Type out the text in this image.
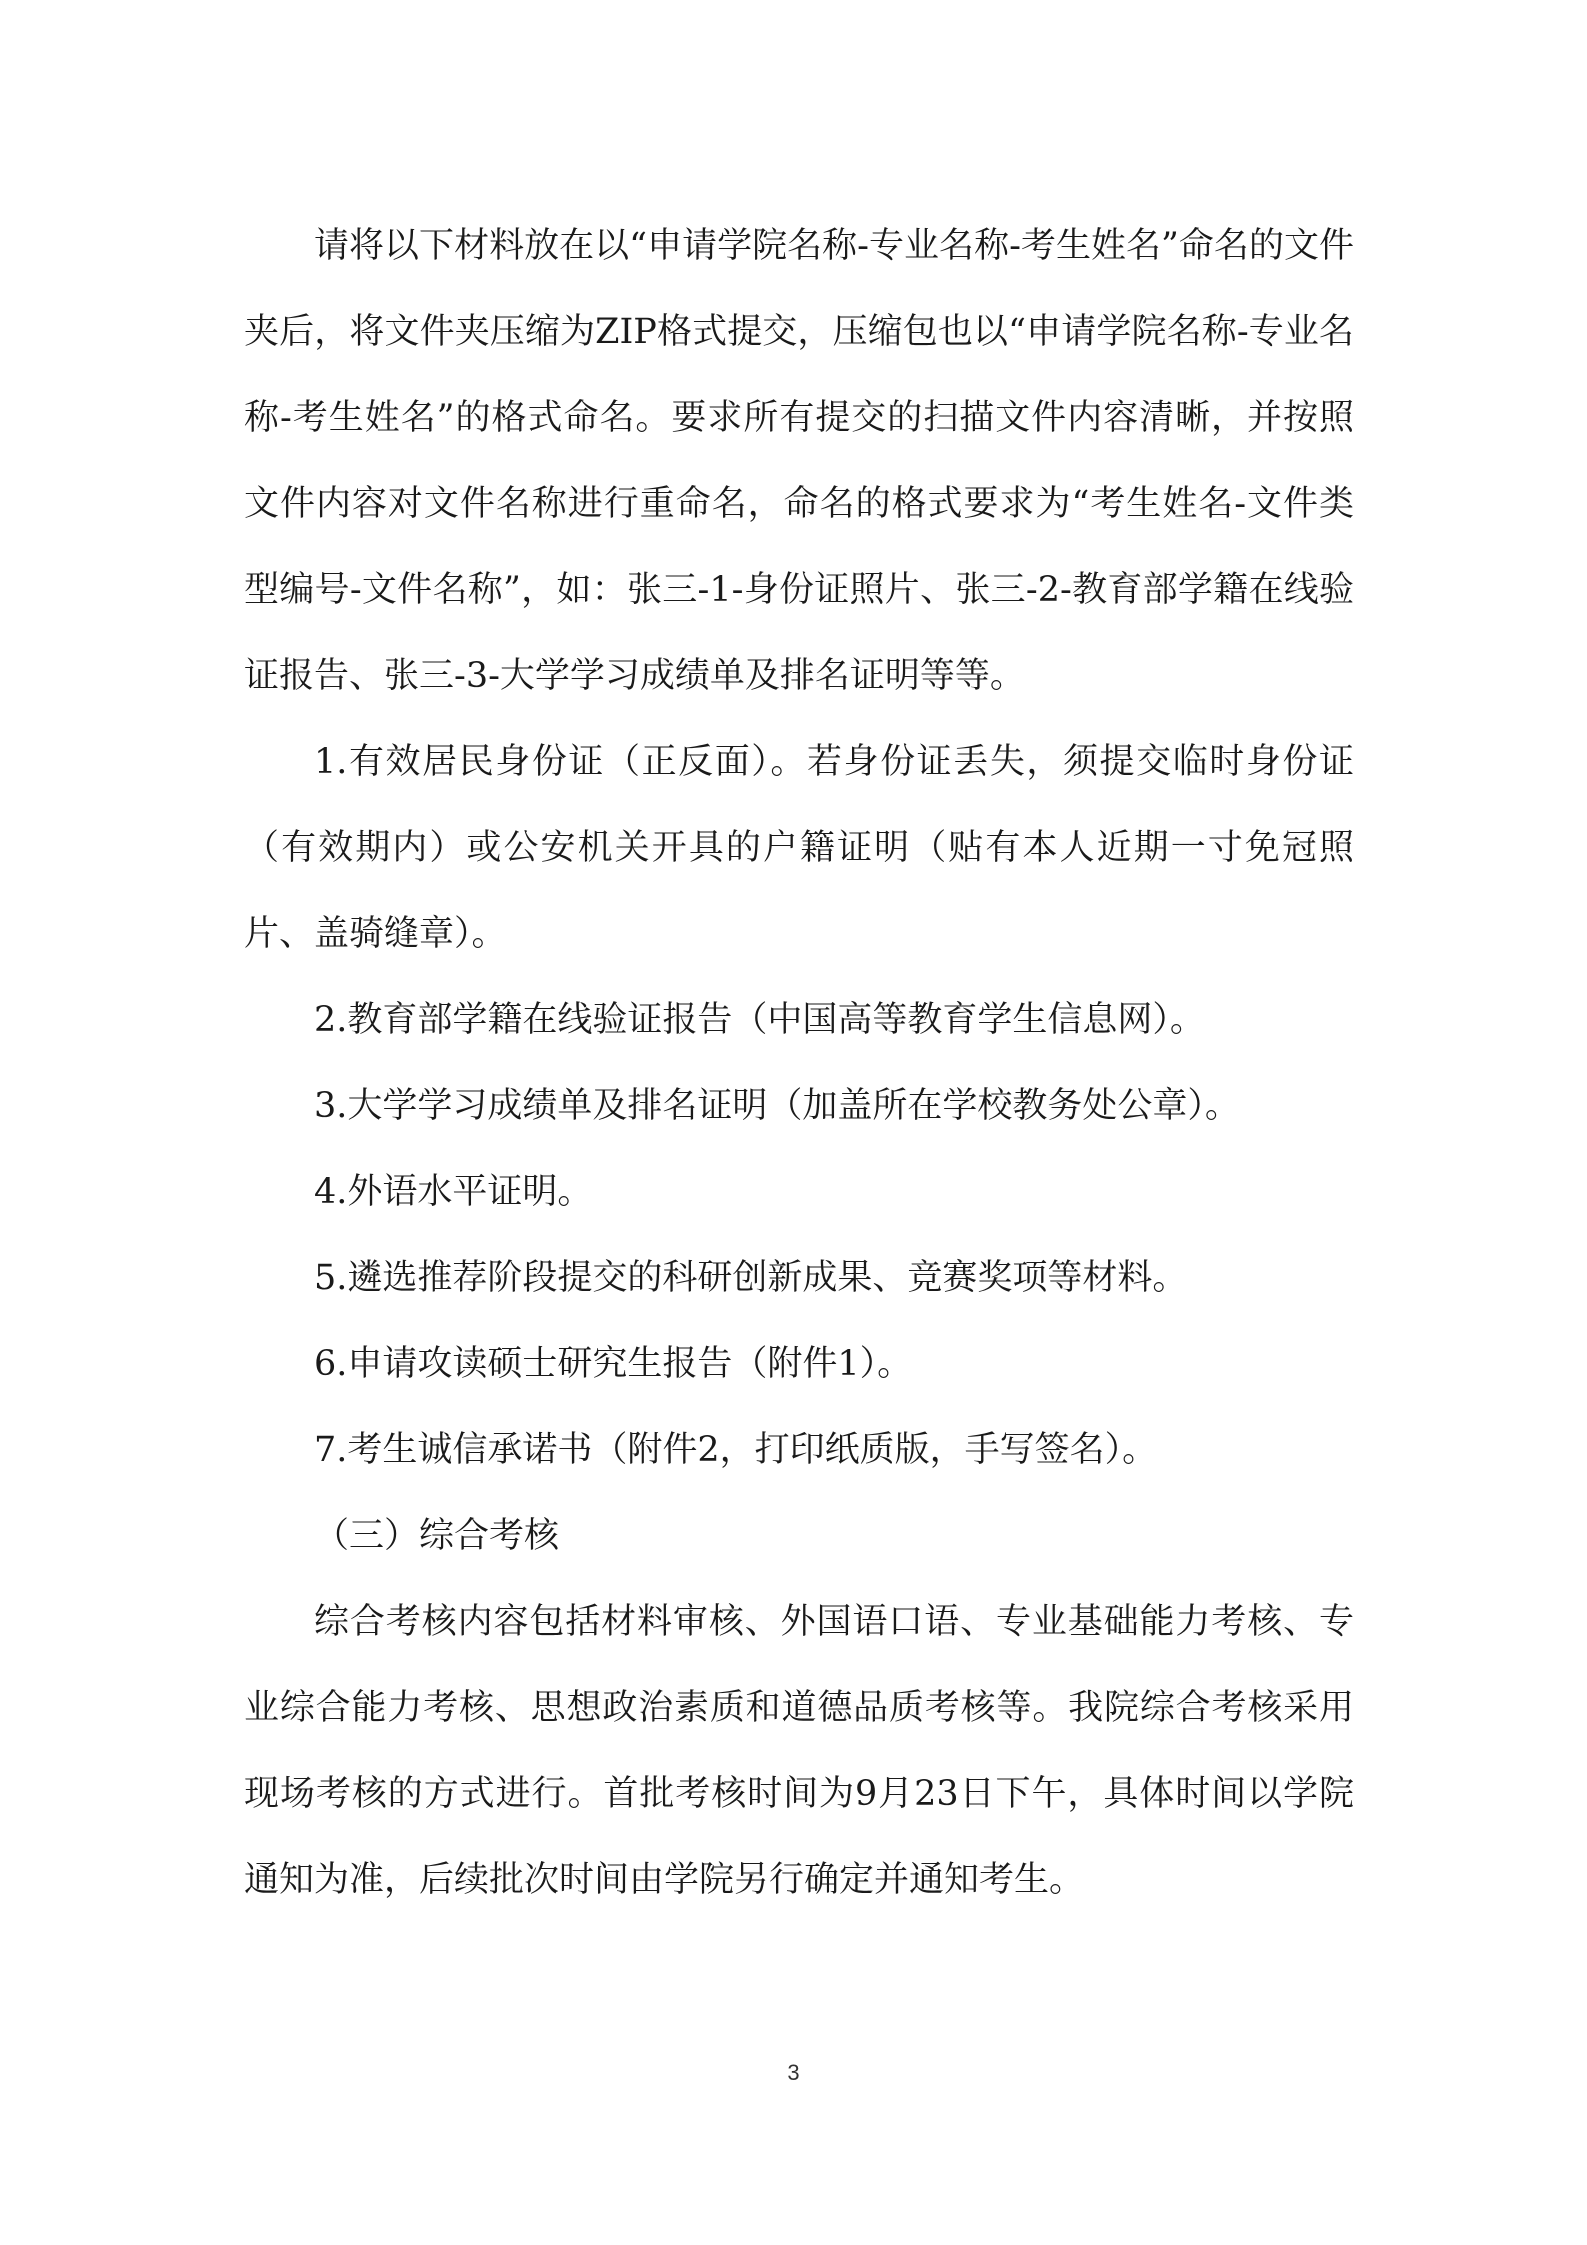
请将以下材料放在以“申请学院名称-专业名称-考生姓名”命名的文件夹后，将文件夹压缩为ZIP格式提交，压缩包也以“申请学院名称-专业名称-考生姓名”的格式命名。要求所有提交的扫描文件内容清晰，并按照文件内容对文件名称进行重命名，命名的格式要求为“考生姓名-文件类型编号-文件名称”，如：张三-1-身份证照片、张三-2-教育部学籍在线验证报告、张三-3-大学学习成绩单及排名证明等等。

1.有效居民身份证（正反面）。若身份证丢失，须提交临时身份证（有效期内）或公安机关开具的户籍证明（贴有本人近期一寸免冠照片、盖骑缝章）。

2.教育部学籍在线验证报告（中国高等教育学生信息网）。

3.大学学习成绩单及排名证明（加盖所在学校教务处公章）。

4.外语水平证明。

5.遴选推荐阶段提交的科研创新成果、竞赛奖项等材料。

6.申请攻读硕士研究生报告（附件1）。

7.考生诚信承诺书（附件2，打印纸质版，手写签名）。

（三）综合考核

综合考核内容包括材料审核、外国语口语、专业基础能力考核、专业综合能力考核、思想政治素质和道德品质考核等。我院综合考核采用现场考核的方式进行。首批考核时间为9月23日下午，具体时间以学院通知为准，后续批次时间由学院另行确定并通知考生。

3
